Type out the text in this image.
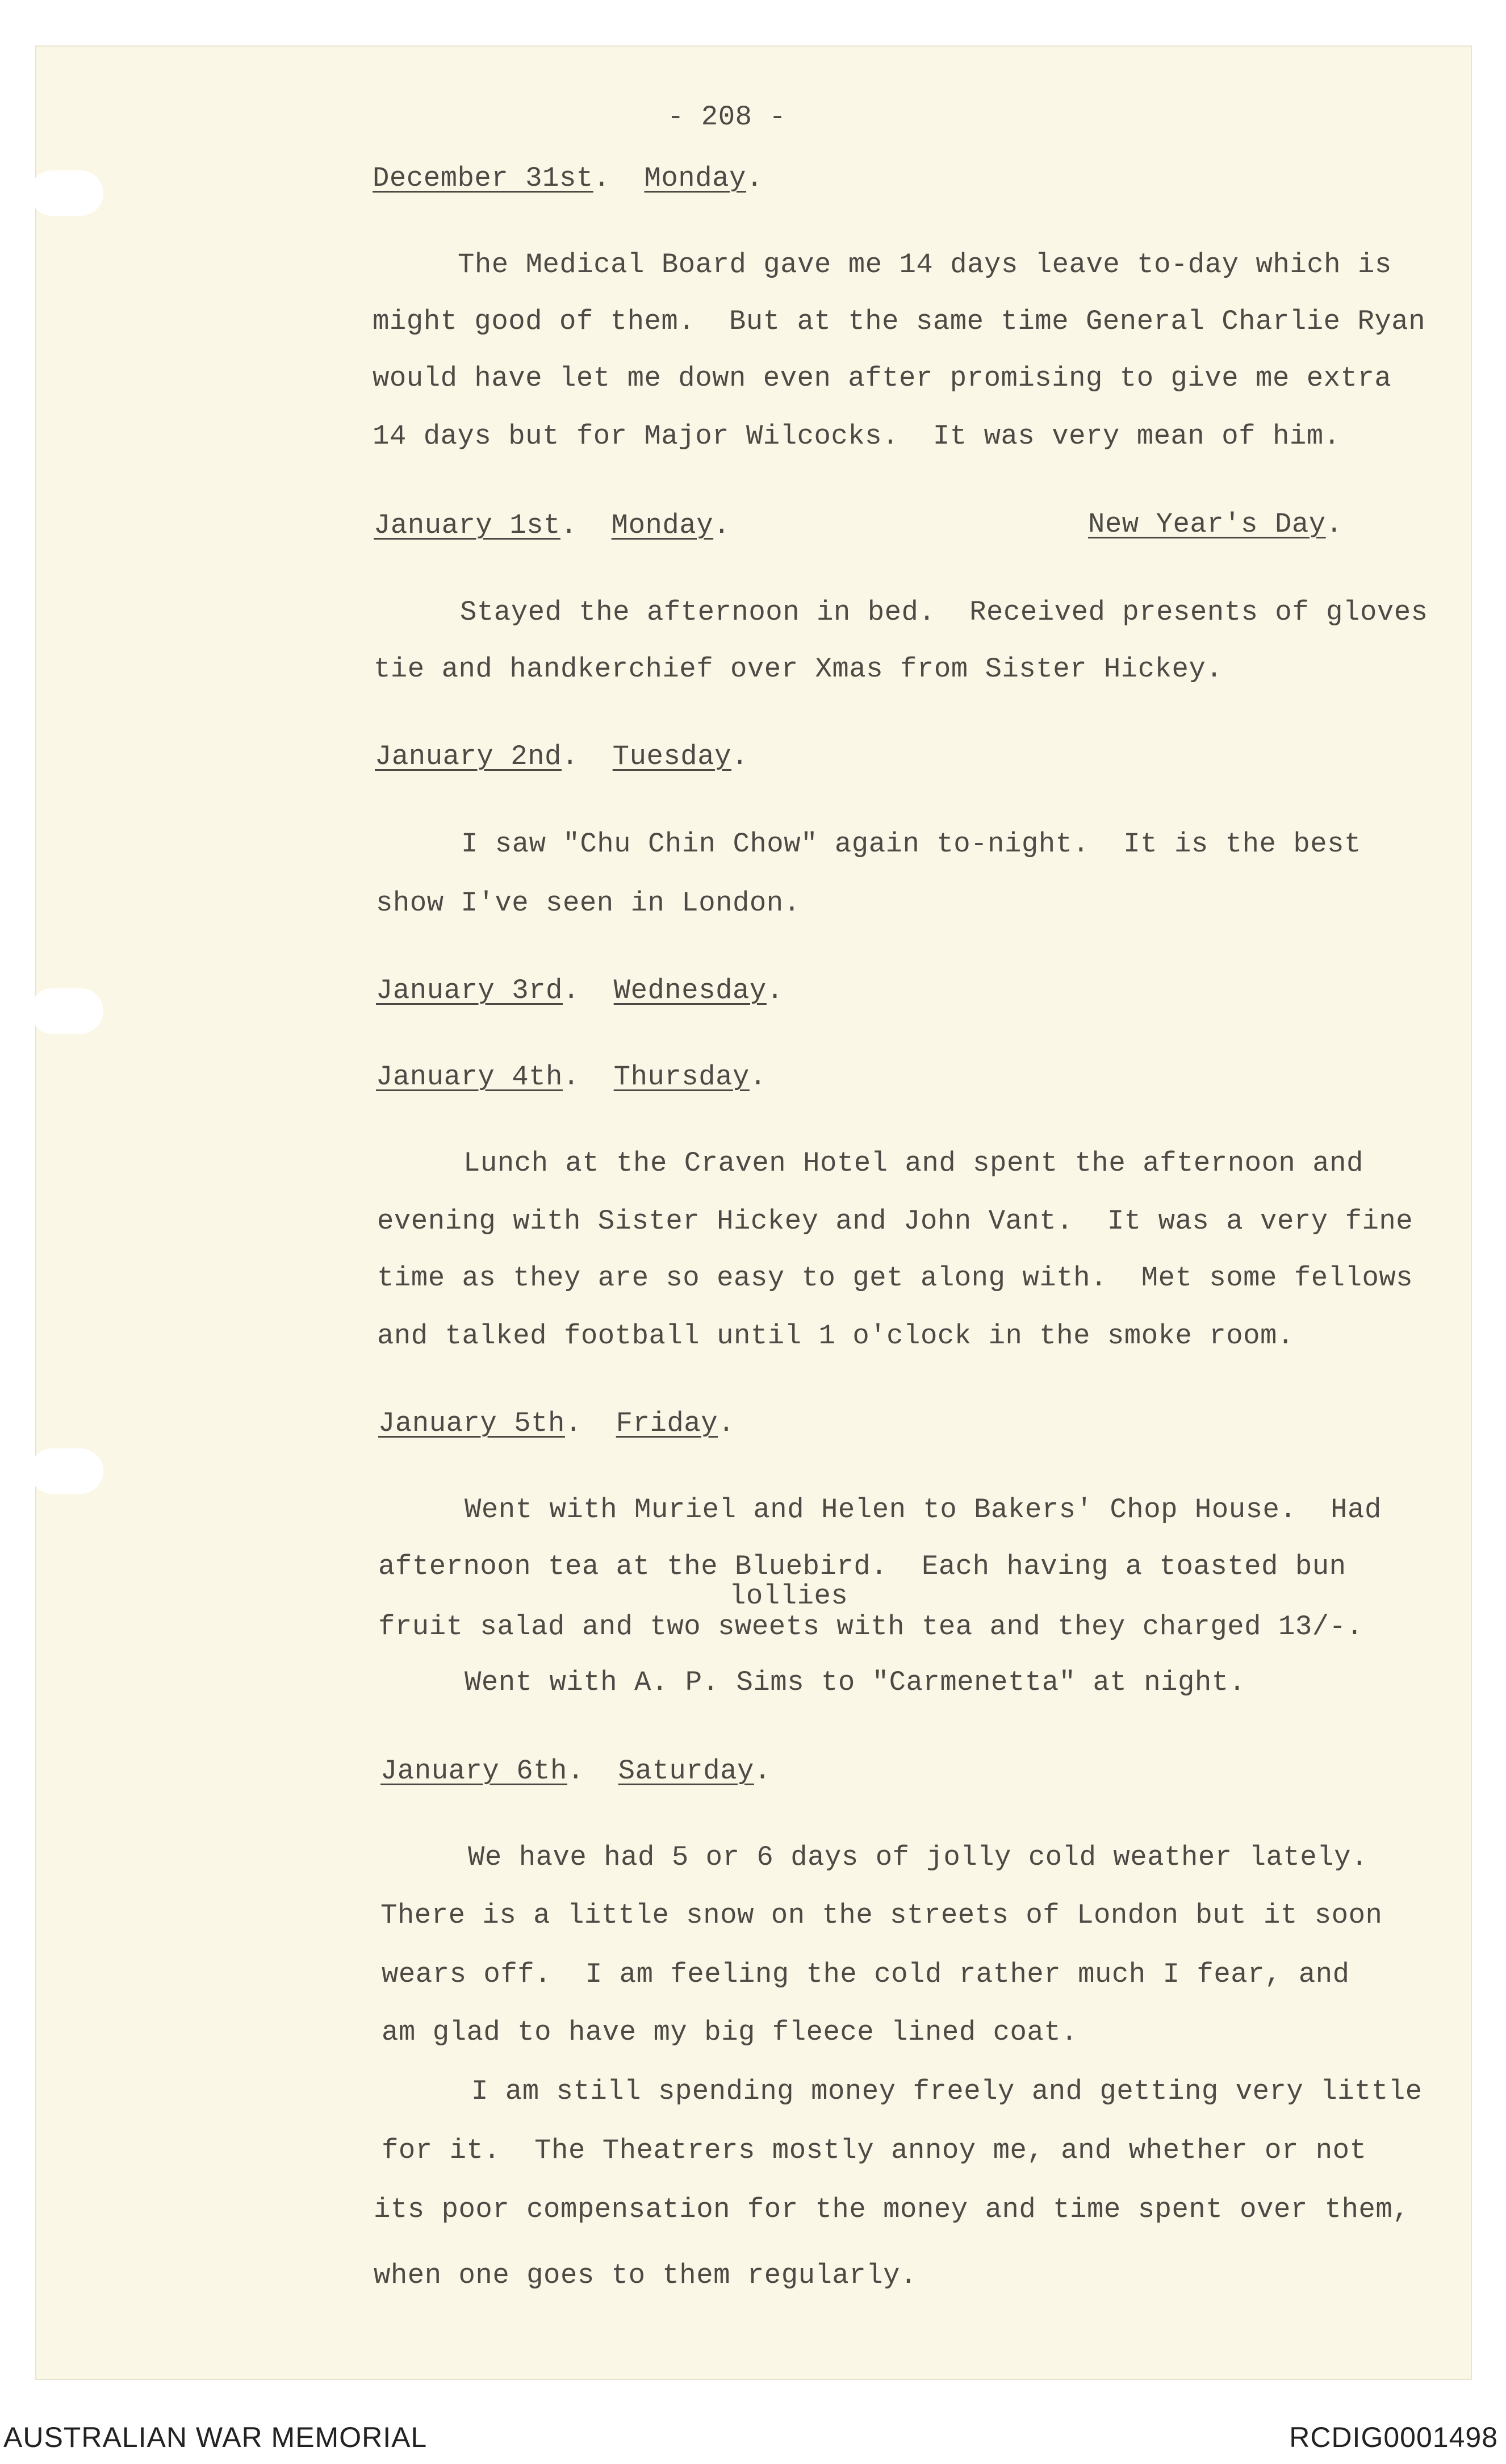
- 208 -

December 31st.  Monday.

The Medical Board gave me 14 days leave to-day which is

might good of them.  But at the same time General Charlie Ryan

would have let me down even after promising to give me extra

14 days but for Major Wilcocks.  It was very mean of him.

January 1st.  Monday.	New Year's Day.

Stayed the afternoon in bed.  Received presents of gloves

tie and handkerchief over Xmas from Sister Hickey.

January 2nd.  Tuesday.

I saw "Chu Chin Chow" again to-night.  It is the best

show I've seen in London.

January 3rd.  Wednesday.

January 4th.  Thursday.

Lunch at the Craven Hotel and spent the afternoon and

evening with Sister Hickey and John Vant.  It was a very fine

time as they are so easy to get along with.  Met some fellows

and talked football until 1 o'clock in the smoke room.

January 5th.  Friday.

Went with Muriel and Helen to Bakers' Chop House.  Had

afternoon tea at the Bluebird.  Each having a toasted bun

lollies

fruit salad and two sweets with tea and they charged 13/-.

Went with A. P. Sims to "Carmenetta" at night.

January 6th.  Saturday.

We have had 5 or 6 days of jolly cold weather lately.

There is a little snow on the streets of London but it soon

wears off.  I am feeling the cold rather much I fear, and

am glad to have my big fleece lined coat.

I am still spending money freely and getting very little

for it.  The Theatrers mostly annoy me, and whether or not

its poor compensation for the money and time spent over them,

when one goes to them regularly.

AUSTRALIAN WAR MEMORIAL	RCDIG0001498
